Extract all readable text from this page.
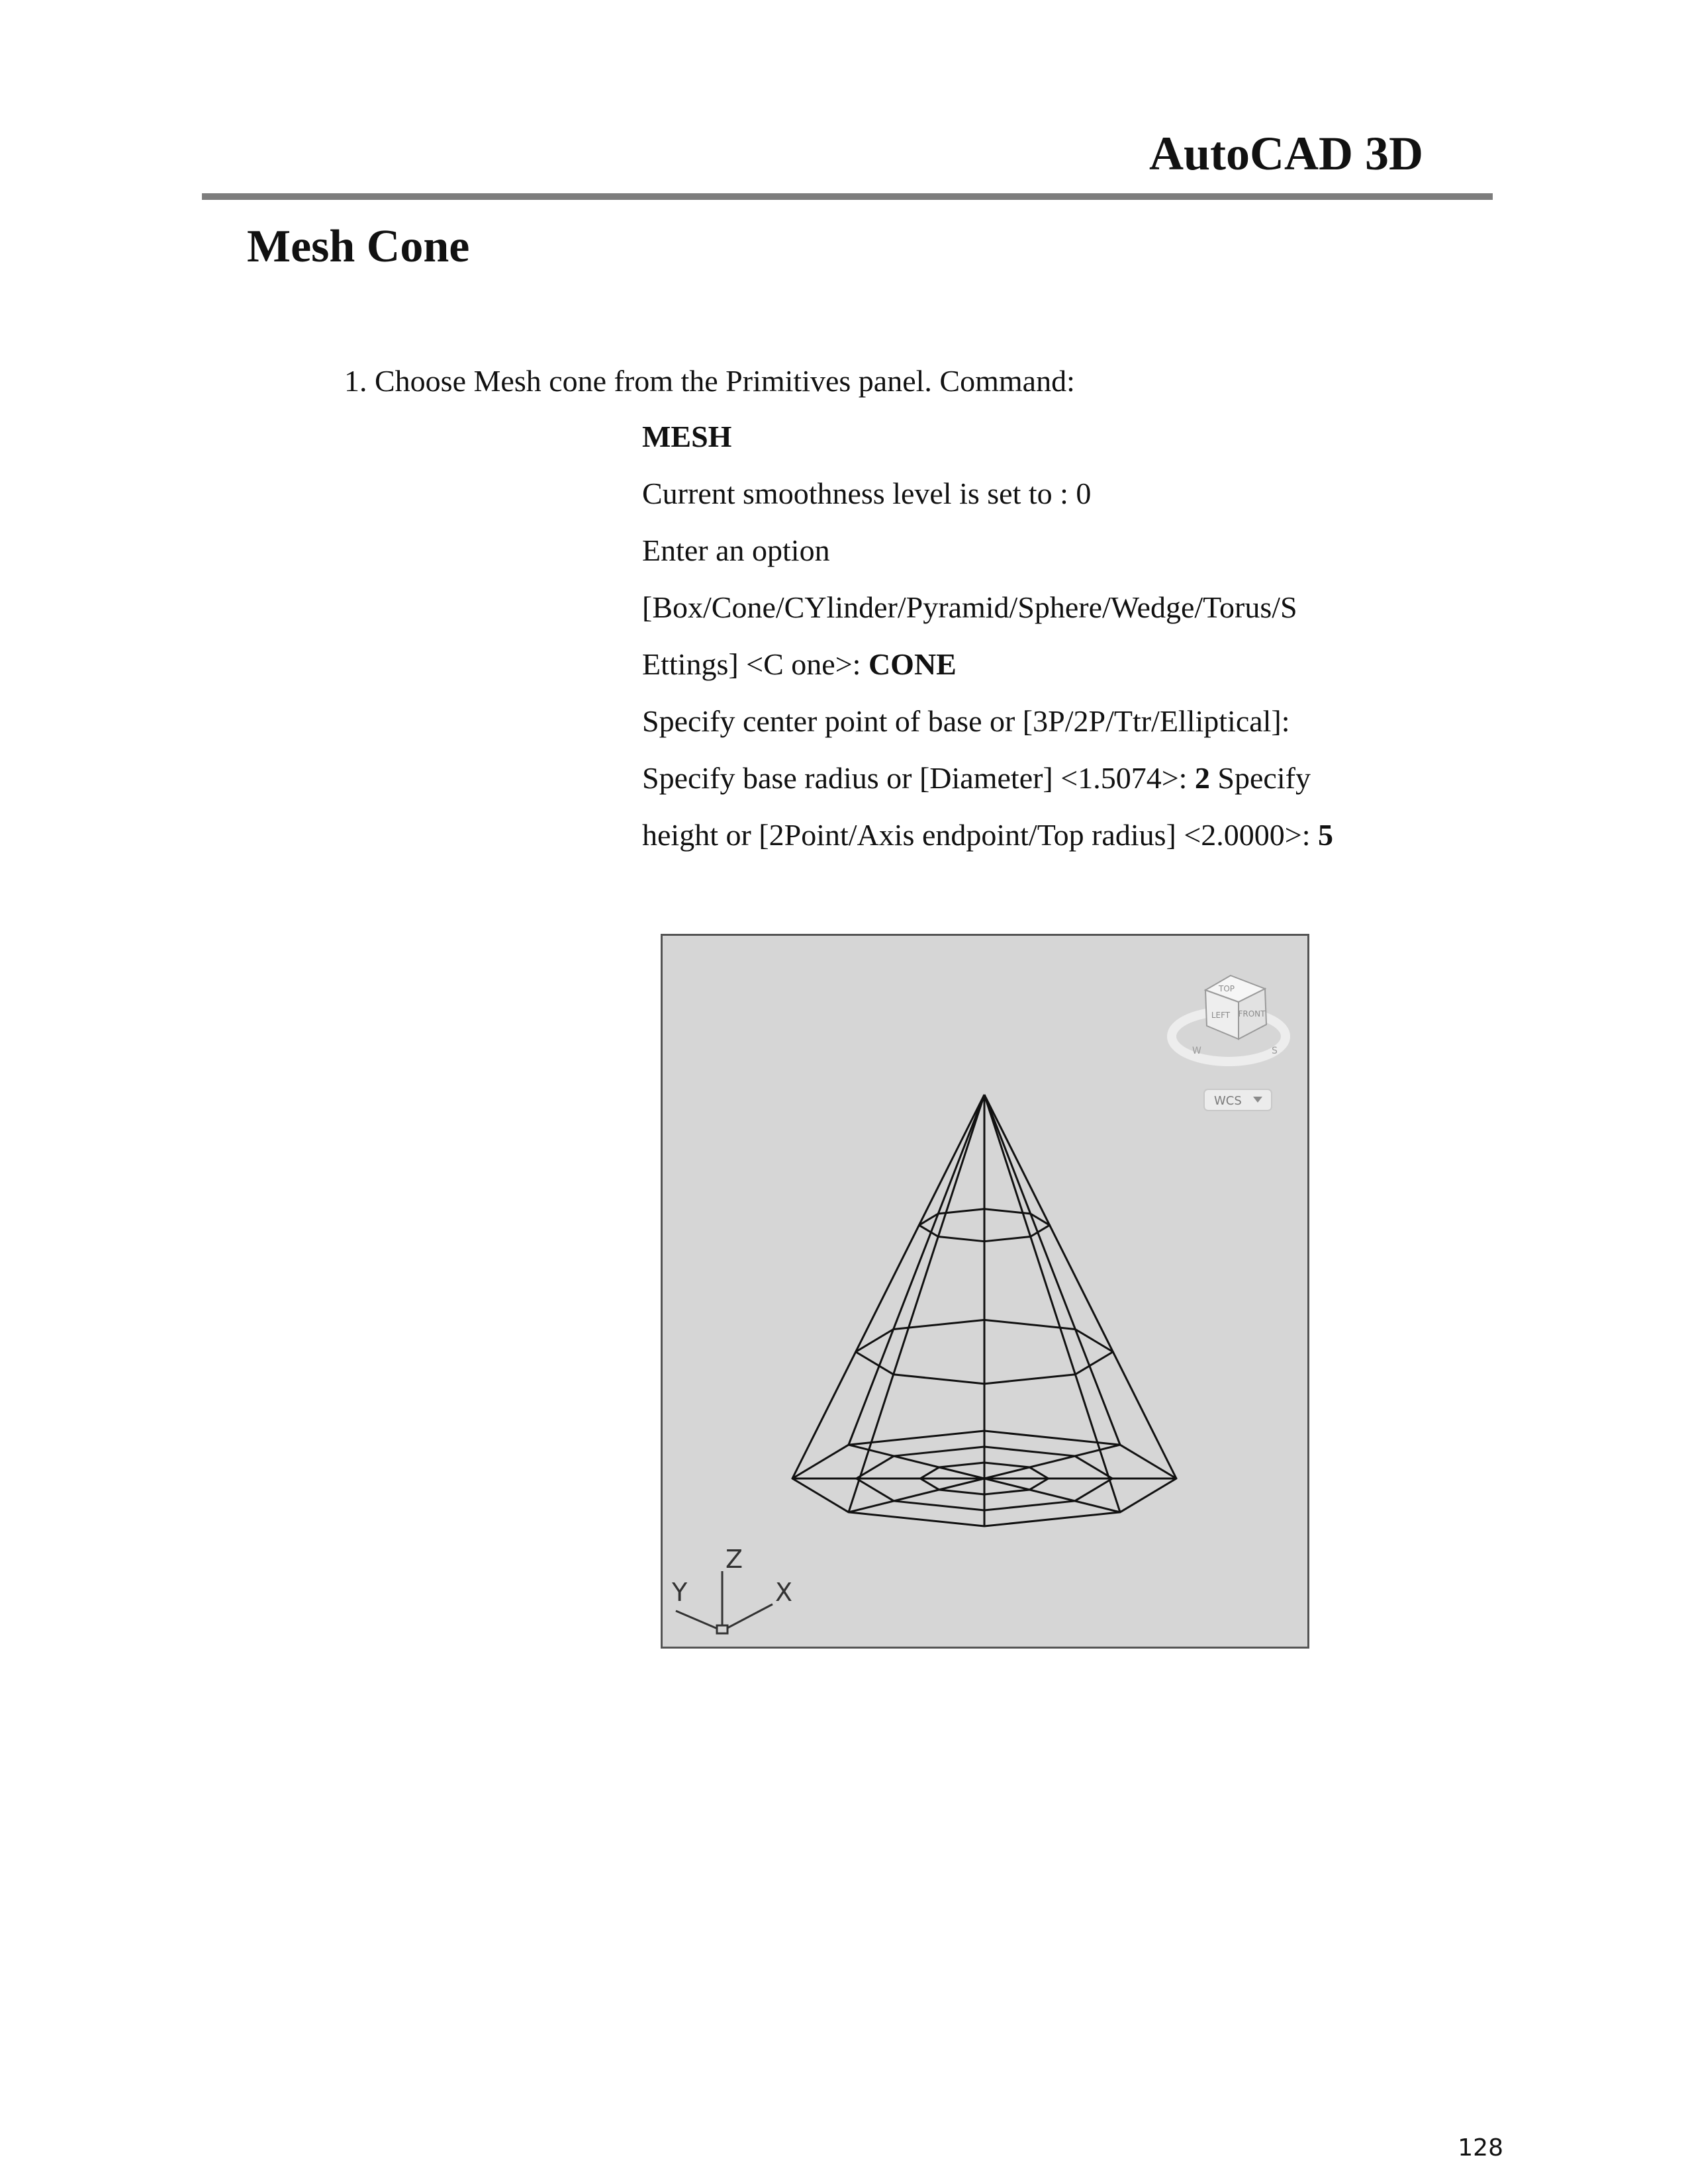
AutoCAD 3D
Mesh Cone
1. Choose Mesh cone from the Primitives panel. Command:
MESH
Current smoothness level is set to : 0
Enter an option
[Box/Cone/CYlinder/Pyramid/Sphere/Wedge/Torus/S
Ettings] <C one>: CONE
Specify center point of base or [3P/2P/Ttr/Elliptical]:
Specify base radius or [Diameter] <1.5074>: 2 Specify
height or [2Point/Axis endpoint/Top radius] <2.0000>: 5
TOP
LEFT FRONT
W	S
WCS
Z
Y	X
128
